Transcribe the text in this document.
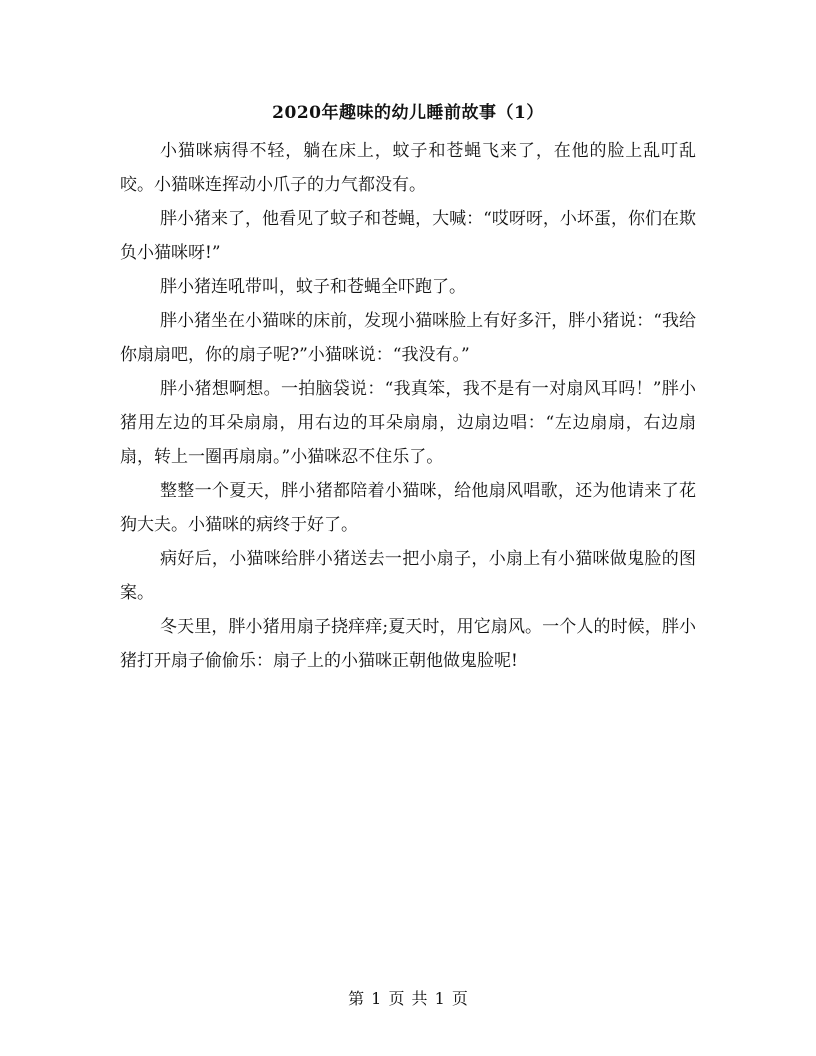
2020年趣味的幼儿睡前故事（1）

小猫咪病得不轻，躺在床上，蚊子和苍蝇飞来了，在他的脸上乱叮乱咬。小猫咪连挥动小爪子的力气都没有。

胖小猪来了，他看见了蚊子和苍蝇，大喊：“哎呀呀，小坏蛋，你们在欺负小猫咪呀!”

胖小猪连吼带叫，蚊子和苍蝇全吓跑了。

胖小猪坐在小猫咪的床前，发现小猫咪脸上有好多汗，胖小猪说：“我给你扇扇吧，你的扇子呢?”小猫咪说：“我没有。”

胖小猪想啊想。一拍脑袋说：“我真笨，我不是有一对扇风耳吗！”胖小猪用左边的耳朵扇扇，用右边的耳朵扇扇，边扇边唱：“左边扇扇，右边扇扇，转上一圈再扇扇。”小猫咪忍不住乐了。

整整一个夏天，胖小猪都陪着小猫咪，给他扇风唱歌，还为他请来了花狗大夫。小猫咪的病终于好了。

病好后，小猫咪给胖小猪送去一把小扇子，小扇上有小猫咪做鬼脸的图案。

冬天里，胖小猪用扇子挠痒痒;夏天时，用它扇风。一个人的时候，胖小猪打开扇子偷偷乐：扇子上的小猫咪正朝他做鬼脸呢!

第 1 页 共 1 页
